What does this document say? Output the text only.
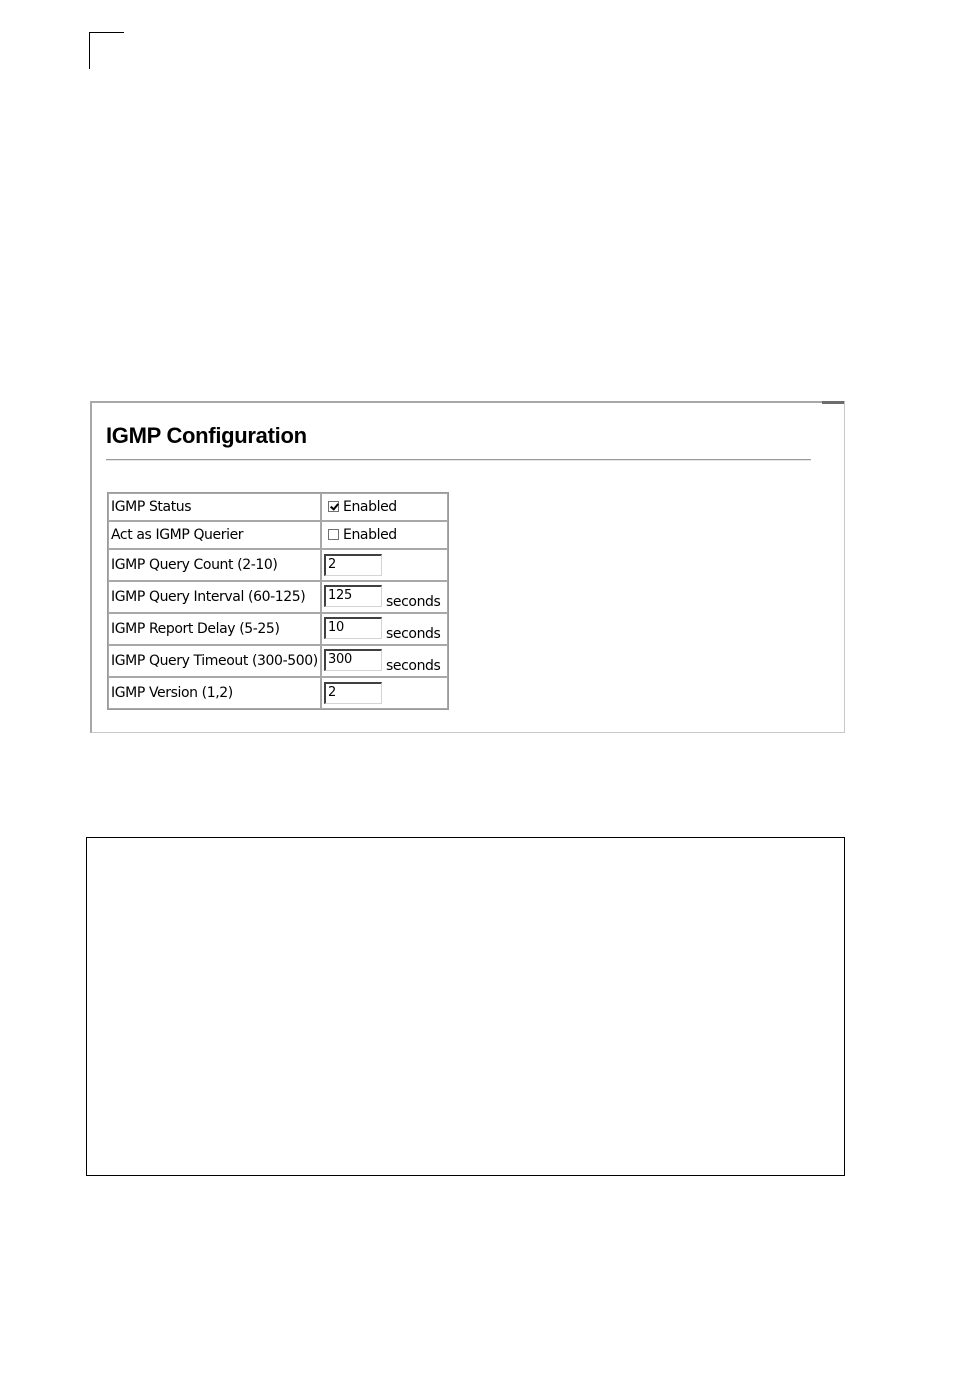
IGMP Configuration
IGMP Status	Enabled
Act as IGMP Querier	Enabled
IGMP Query Count (2-10)	2
IGMP Query Interval (60-125)	125 seconds
IGMP Report Delay (5-25)	10 seconds
IGMP Query Timeout (300-500)	300 seconds
IGMP Version (1,2)	2
